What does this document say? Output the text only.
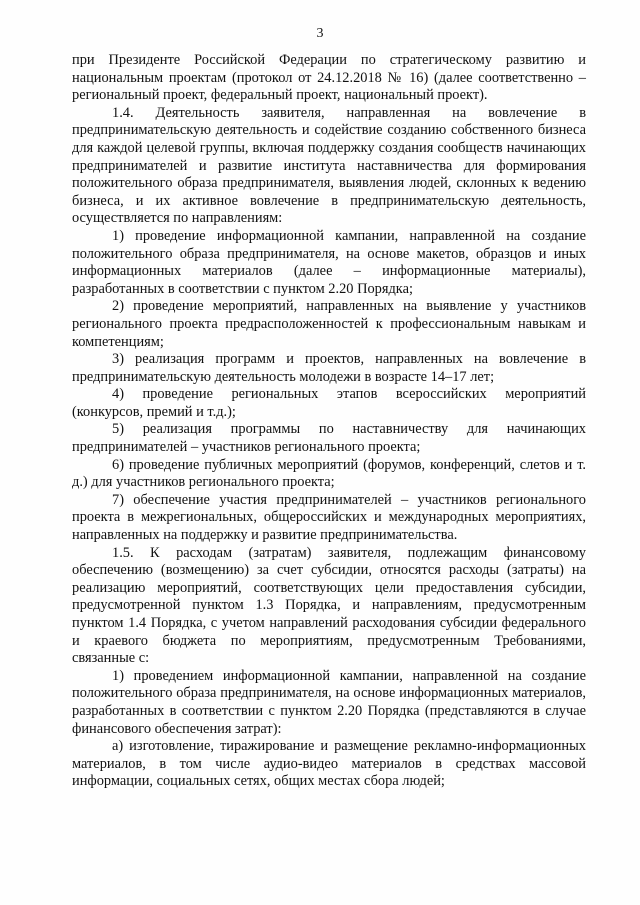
3

при Президенте Российской Федерации по стратегическому развитию и национальным проектам (протокол от 24.12.2018 № 16) (далее соответственно – региональный проект, федеральный проект, национальный проект).

1.4. Деятельность заявителя, направленная на вовлечение в предпринимательскую деятельность и содействие созданию собственного бизнеса для каждой целевой группы, включая поддержку создания сообществ начинающих предпринимателей и развитие института наставничества для формирования положительного образа предпринимателя, выявления людей, склонных к ведению бизнеса, и их активное вовлечение в предпринимательскую деятельность, осуществляется по направлениям:

1) проведение информационной кампании, направленной на создание положительного образа предпринимателя, на основе макетов, образцов и иных информационных материалов (далее – информационные материалы), разработанных в соответствии с пунктом 2.20 Порядка;

2) проведение мероприятий, направленных на выявление у участников регионального проекта предрасположенностей к профессиональным навыкам и компетенциям;

3) реализация программ и проектов, направленных на вовлечение в предпринимательскую деятельность молодежи в возрасте 14–17 лет;

4) проведение региональных этапов всероссийских мероприятий (конкурсов, премий и т.д.);

5) реализация программы по наставничеству для начинающих предпринимателей – участников регионального проекта;

6) проведение публичных мероприятий (форумов, конференций, слетов и т. д.) для участников регионального проекта;

7) обеспечение участия предпринимателей – участников регионального проекта в межрегиональных, общероссийских и международных мероприятиях, направленных на поддержку и развитие предпринимательства.

1.5. К расходам (затратам) заявителя, подлежащим финансовому обеспечению (возмещению) за счет субсидии, относятся расходы (затраты) на реализацию мероприятий, соответствующих цели предоставления субсидии, предусмотренной пунктом 1.3 Порядка, и направлениям, предусмотренным пунктом 1.4 Порядка, с учетом направлений расходования субсидии федерального и краевого бюджета по мероприятиям, предусмотренным Требованиями, связанные с:

1) проведением информационной кампании, направленной на создание положительного образа предпринимателя, на основе информационных материалов, разработанных в соответствии с пунктом 2.20 Порядка (представляются в случае финансового обеспечения затрат):

а) изготовление, тиражирование и размещение рекламно-информационных материалов, в том числе аудио-видео материалов в средствах массовой информации, социальных сетях, общих местах сбора людей;
